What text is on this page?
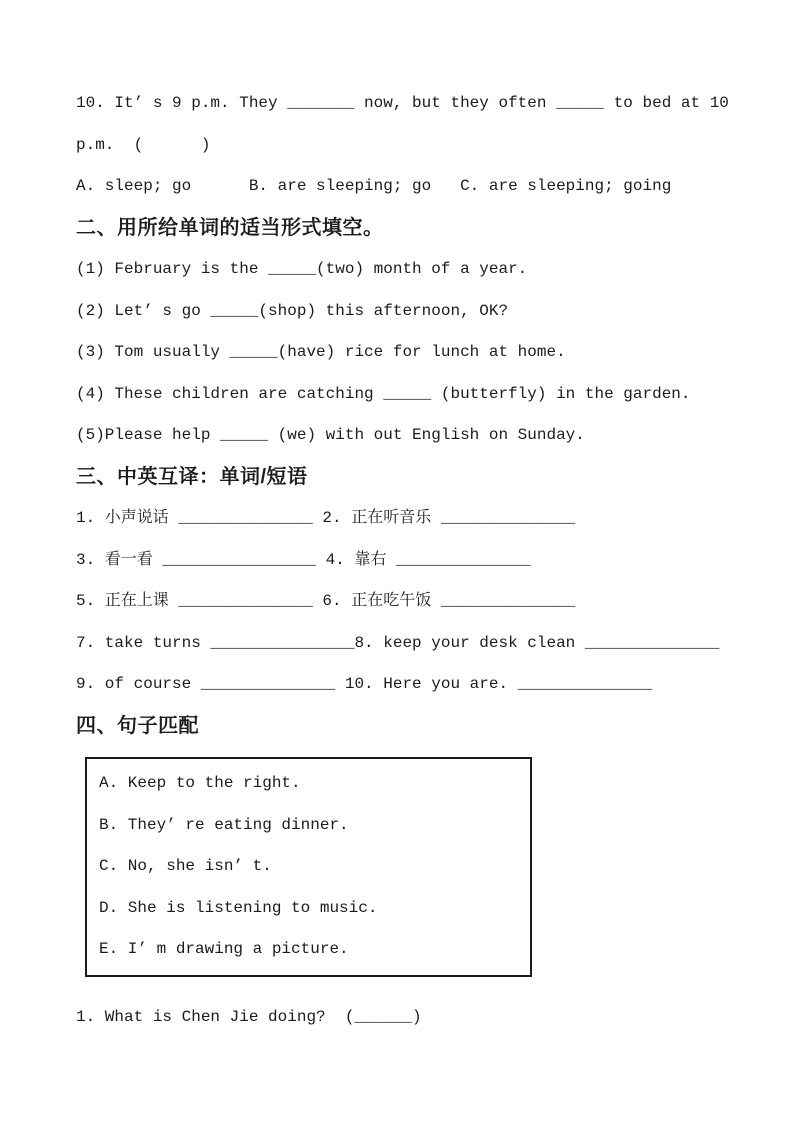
10. It’ s 9 p.m. They _______ now, but they often _____ to bed at 10
p.m.  (      )
A. sleep; go      B. are sleeping; go   C. are sleeping; going
二、用所给单词的适当形式填空。
(1) February is the _____(two) month of a year.
(2) Let’ s go _____(shop) this afternoon, OK?
(3) Tom usually _____(have) rice for lunch at home.
(4) These children are catching _____ (butterfly) in the garden.
(5)Please help _____ (we) with out English on Sunday.
三、中英互译：单词/短语
1. 小声说话 ______________ 2. 正在听音乐 ______________
3. 看一看 ________________ 4. 靠右 ______________
5. 正在上课 ______________ 6. 正在吃午饭 ______________
7. take turns _______________8. keep your desk clean ______________
9. of course ______________ 10. Here you are. ______________
四、句子匹配
A. Keep to the right.
B. They’ re eating dinner.
C. No, she isn’ t.
D. She is listening to music.
E. I’ m drawing a picture.
1. What is Chen Jie doing?  (______)
